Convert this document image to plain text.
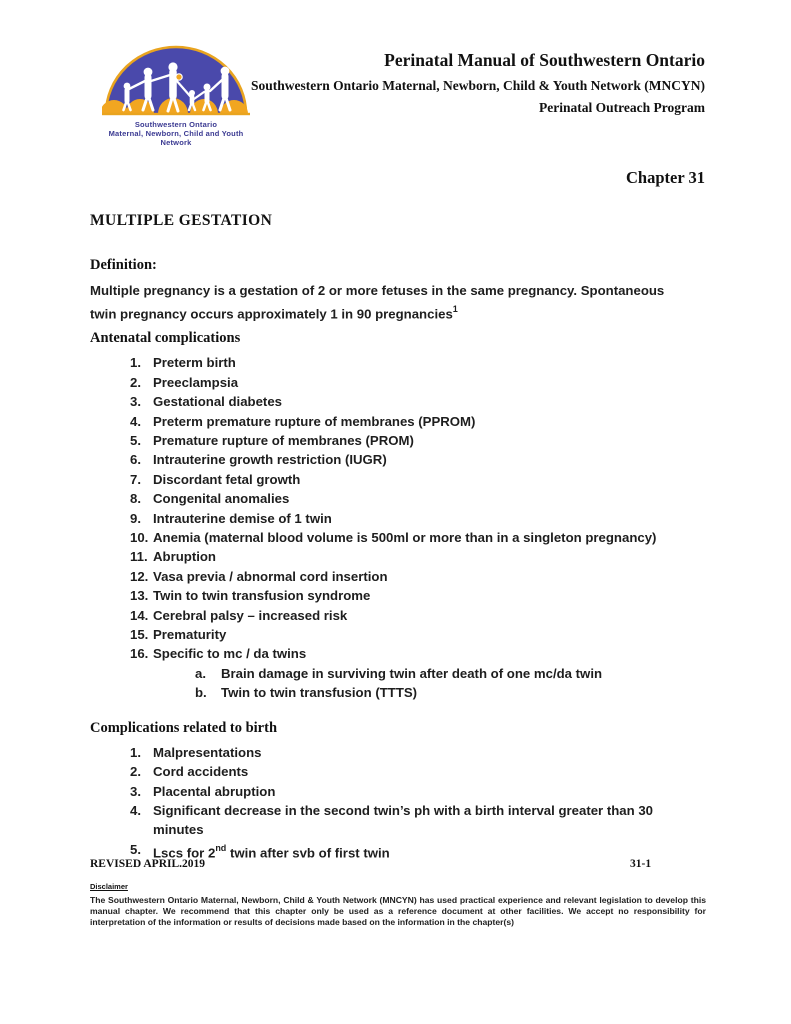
Southwestern Ontario
Maternal, Newborn, Child and Youth Network
Perinatal Manual of Southwestern Ontario
Southwestern Ontario Maternal, Newborn, Child & Youth Network (MNCYN)
Perinatal Outreach Program
Chapter 31
MULTIPLE GESTATION
Definition:
Multiple pregnancy is a gestation of 2 or more fetuses in the same pregnancy. Spontaneous
twin pregnancy occurs approximately 1 in 90 pregnancies$^1$
Antenatal complications
1. Preterm birth
2. Preeclampsia
3. Gestational diabetes
4. Preterm premature rupture of membranes (PPROM)
5. Premature rupture of membranes (PROM)
6. Intrauterine growth restriction (IUGR)
7. Discordant fetal growth
8. Congenital anomalies
9. Intrauterine demise of 1 twin
10. Anemia (maternal blood volume is 500ml or more than in a singleton pregnancy)
11. Abruption
12. Vasa previa / abnormal cord insertion
13. Twin to twin transfusion syndrome
14. Cerebral palsy – increased risk
15. Prematurity
16. Specific to mc / da twins
a.	Brain damage in surviving twin after death of one mc/da twin
b.	Twin to twin transfusion (TTTS)
Complications related to birth
1. Malpresentations
2. Cord accidents
3. Placental abruption
4. Significant decrease in the second twin’s ph with a birth interval greater than 30
minutes
5. Lscs for 2nd twin after svb of first twin
REVISED APRIL.2019	31-1
Disclaimer
The Southwestern Ontario Maternal, Newborn, Child & Youth Network (MNCYN) has used practical experience and relevant legislation to develop this manual chapter. We recommend that this chapter only be used as a reference document at other facilities. We accept no responsibility for interpretation of the information or results of decisions made based on the information in the chapter(s)
